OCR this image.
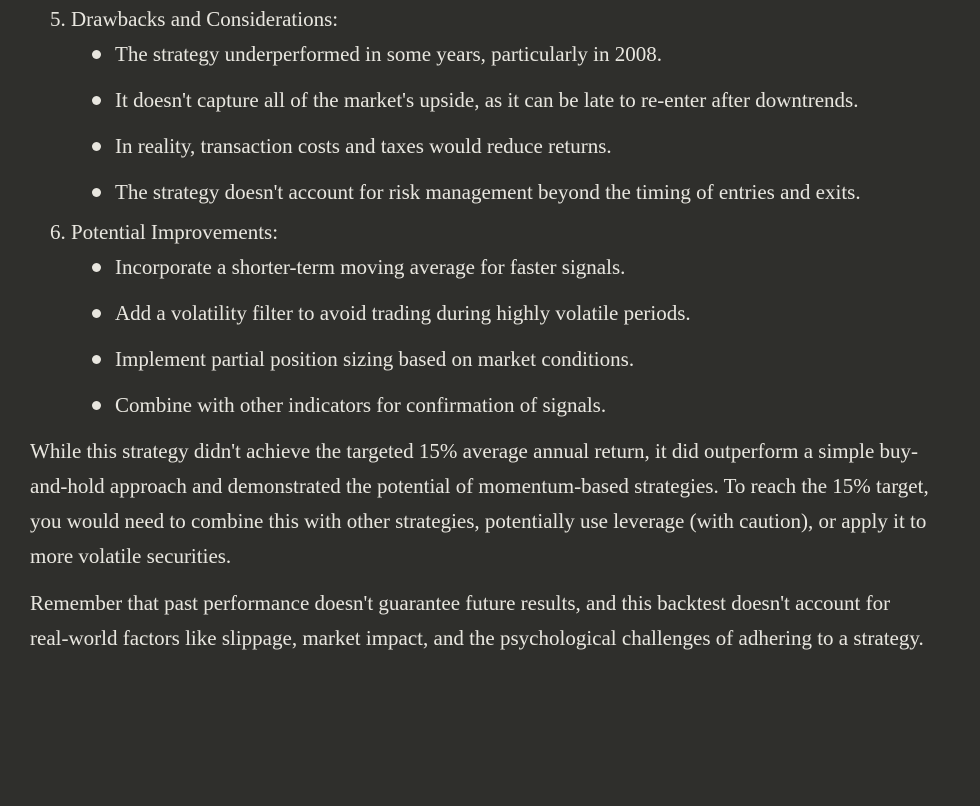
5. Drawbacks and Considerations:
The strategy underperformed in some years, particularly in 2008.
It doesn't capture all of the market's upside, as it can be late to re-enter after downtrends.
In reality, transaction costs and taxes would reduce returns.
The strategy doesn't account for risk management beyond the timing of entries and exits.
6. Potential Improvements:
Incorporate a shorter-term moving average for faster signals.
Add a volatility filter to avoid trading during highly volatile periods.
Implement partial position sizing based on market conditions.
Combine with other indicators for confirmation of signals.

While this strategy didn't achieve the targeted 15% average annual return, it did outperform a simple buy-and-hold approach and demonstrated the potential of momentum-based strategies. To reach the 15% target, you would need to combine this with other strategies, potentially use leverage (with caution), or apply it to more volatile securities.

Remember that past performance doesn't guarantee future results, and this backtest doesn't account for real-world factors like slippage, market impact, and the psychological challenges of adhering to a strategy.
